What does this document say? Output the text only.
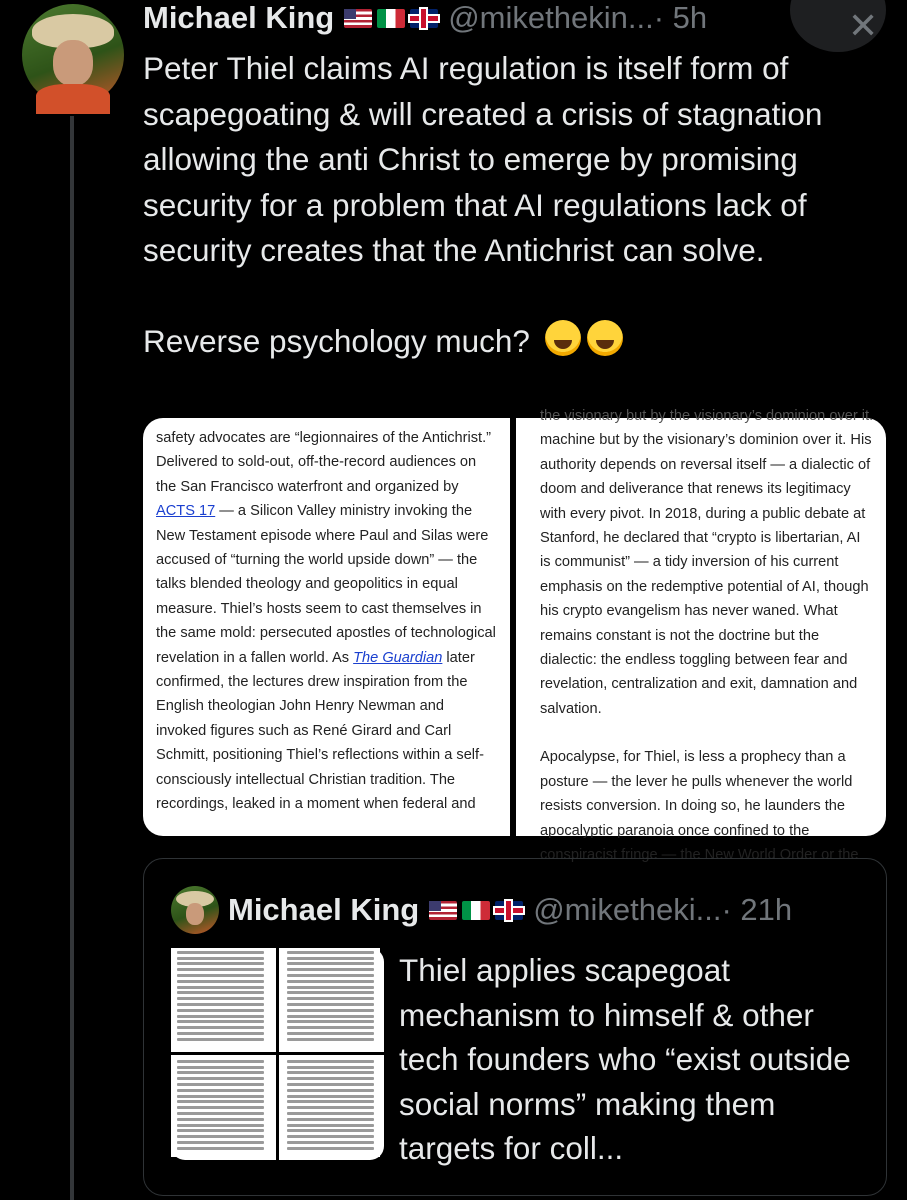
Michael King	@mikethekin... · 5h	✕
Peter Thiel claims AI regulation is itself form of scapegoating & will created a crisis of stagnation allowing the anti Christ to emerge by promising security for a problem that AI regulations lack of security creates that the Antichrist can solve.

Reverse psychology much?

safety advocates are “legionnaires of the Antichrist.” Delivered to sold-out, off-the-record audiences on the San Francisco waterfront and organized by ACTS 17 — a Silicon Valley ministry invoking the New Testament episode where Paul and Silas were accused of “turning the world upside down” — the talks blended theology and geopolitics in equal measure. Thiel’s hosts seem to cast themselves in the same mold: persecuted apostles of technological revelation in a fallen world. As The Guardian later confirmed, the lectures drew inspiration from the English theologian John Henry Newman and invoked figures such as René Girard and Carl Schmitt, positioning Thiel’s reflections within a self-consciously intellectual Christian tradition. The recordings, leaked in a moment when federal and

the visionary but by the visionary’s dominion over it.
machine but by the visionary’s dominion over it. His authority depends on reversal itself — a dialectic of doom and deliverance that renews its legitimacy with every pivot. In 2018, during a public debate at Stanford, he declared that “crypto is libertarian, AI is communist” — a tidy inversion of his current emphasis on the redemptive potential of AI, though his crypto evangelism has never waned. What remains constant is not the doctrine but the dialectic: the endless toggling between fear and revelation, centralization and exit, damnation and salvation.
Apocalypse, for Thiel, is less a prophecy than a posture — the lever he pulls whenever the world resists conversion. In doing so, he launders the apocalyptic paranoia once confined to the
conspiracist fringe — the New World Order or the
Michael King	@mikethekі... · 21h

Thiel applies scapegoat mechanism to himself & other tech founders who “exist outside social norms” making them targets for coll...
